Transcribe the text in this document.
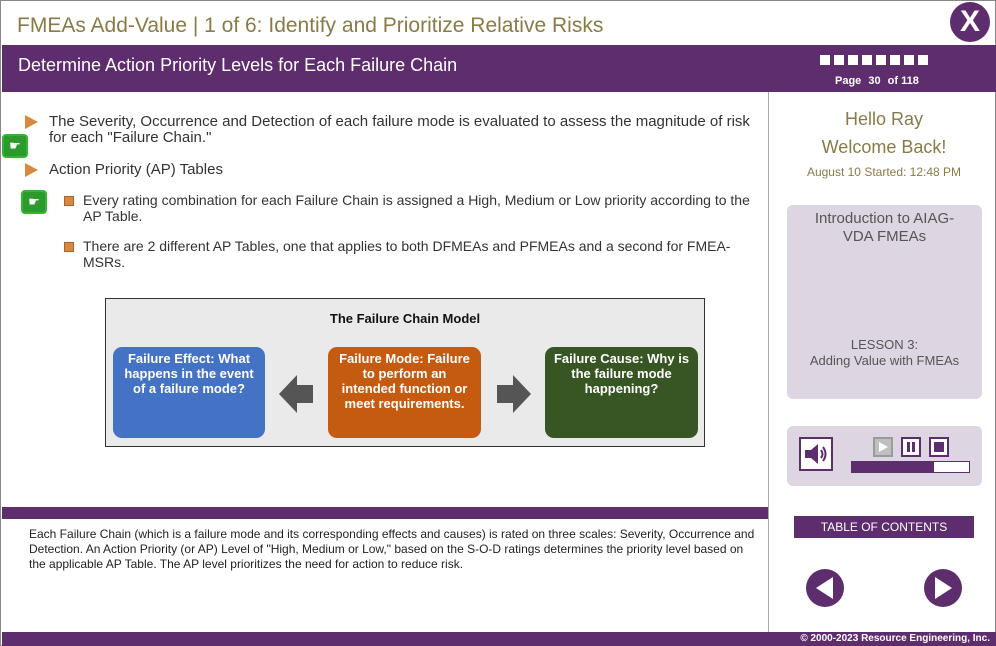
FMEAs Add-Value | 1 of 6: Identify and Prioritize Relative Risks	X
Determine Action Priority Levels for Each Failure Chain
Page 30 of 118
The Severity, Occurrence and Detection of each failure mode is evaluated to assess the magnitude of risk for each "Failure Chain."
☛
Action Priority (AP) Tables
☛	Every rating combination for each Failure Chain is assigned a High, Medium or Low priority according to the AP Table.
There are 2 different AP Tables, one that applies to both DFMEAs and PFMEAs and a second for FMEA-MSRs.
The Failure Chain Model
Failure Effect: What happens in the event of a failure mode?
Failure Mode: Failure to perform an intended function or meet requirements.
Failure Cause: Why is the failure mode happening?
Each Failure Chain (which is a failure mode and its corresponding effects and causes) is rated on three scales: Severity, Occurrence and Detection. An Action Priority (or AP) Level of "High, Medium or Low," based on the S-O-D ratings determines the priority level based on the applicable AP Table. The AP level prioritizes the need for action to reduce risk.
Hello Ray
Welcome Back!
August 10 Started: 12:48 PM
Introduction to AIAG-VDA FMEAs
LESSON 3:
Adding Value with FMEAs
TABLE OF CONTENTS
© 2000-2023 Resource Engineering, Inc.
